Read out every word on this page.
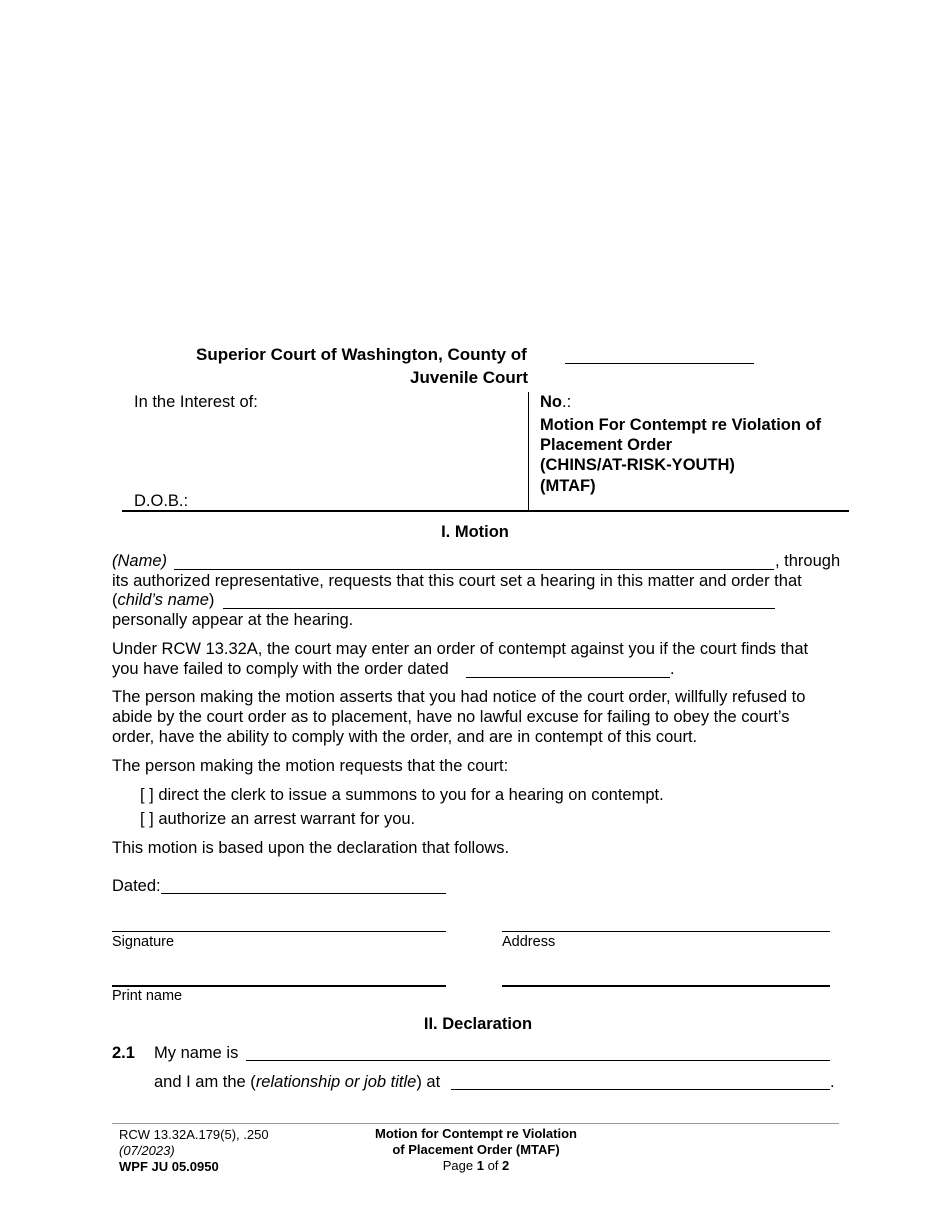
Superior Court of Washington, County of
Juvenile Court
In the Interest of:
D.O.B.:
No.:
Motion For Contempt re Violation of
Placement Order
(CHINS/AT-RISK-YOUTH)
(MTAF)
I. Motion
(Name)	, through
its authorized representative, requests that this court set a hearing in this matter and order that
(child’s name)
personally appear at the hearing.
Under RCW 13.32A, the court may enter an order of contempt against you if the court finds that
you have failed to comply with the order dated	.
The person making the motion asserts that you had notice of the court order, willfully refused to
abide by the court order as to placement, have no lawful excuse for failing to obey the court’s
order, have the ability to comply with the order, and are in contempt of this court.
The person making the motion requests that the court:
[ ] direct the clerk to issue a summons to you for a hearing on contempt.
[ ] authorize an arrest warrant for you.
This motion is based upon the declaration that follows.
Dated:
Signature	Address
Print name
II. Declaration
2.1 My name is
and I am the (relationship or job title) at	.
RCW 13.32A.179(5), .250
(07/2023)
WPF JU 05.0950
Motion for Contempt re Violation
of Placement Order (MTAF)
Page 1 of 2
